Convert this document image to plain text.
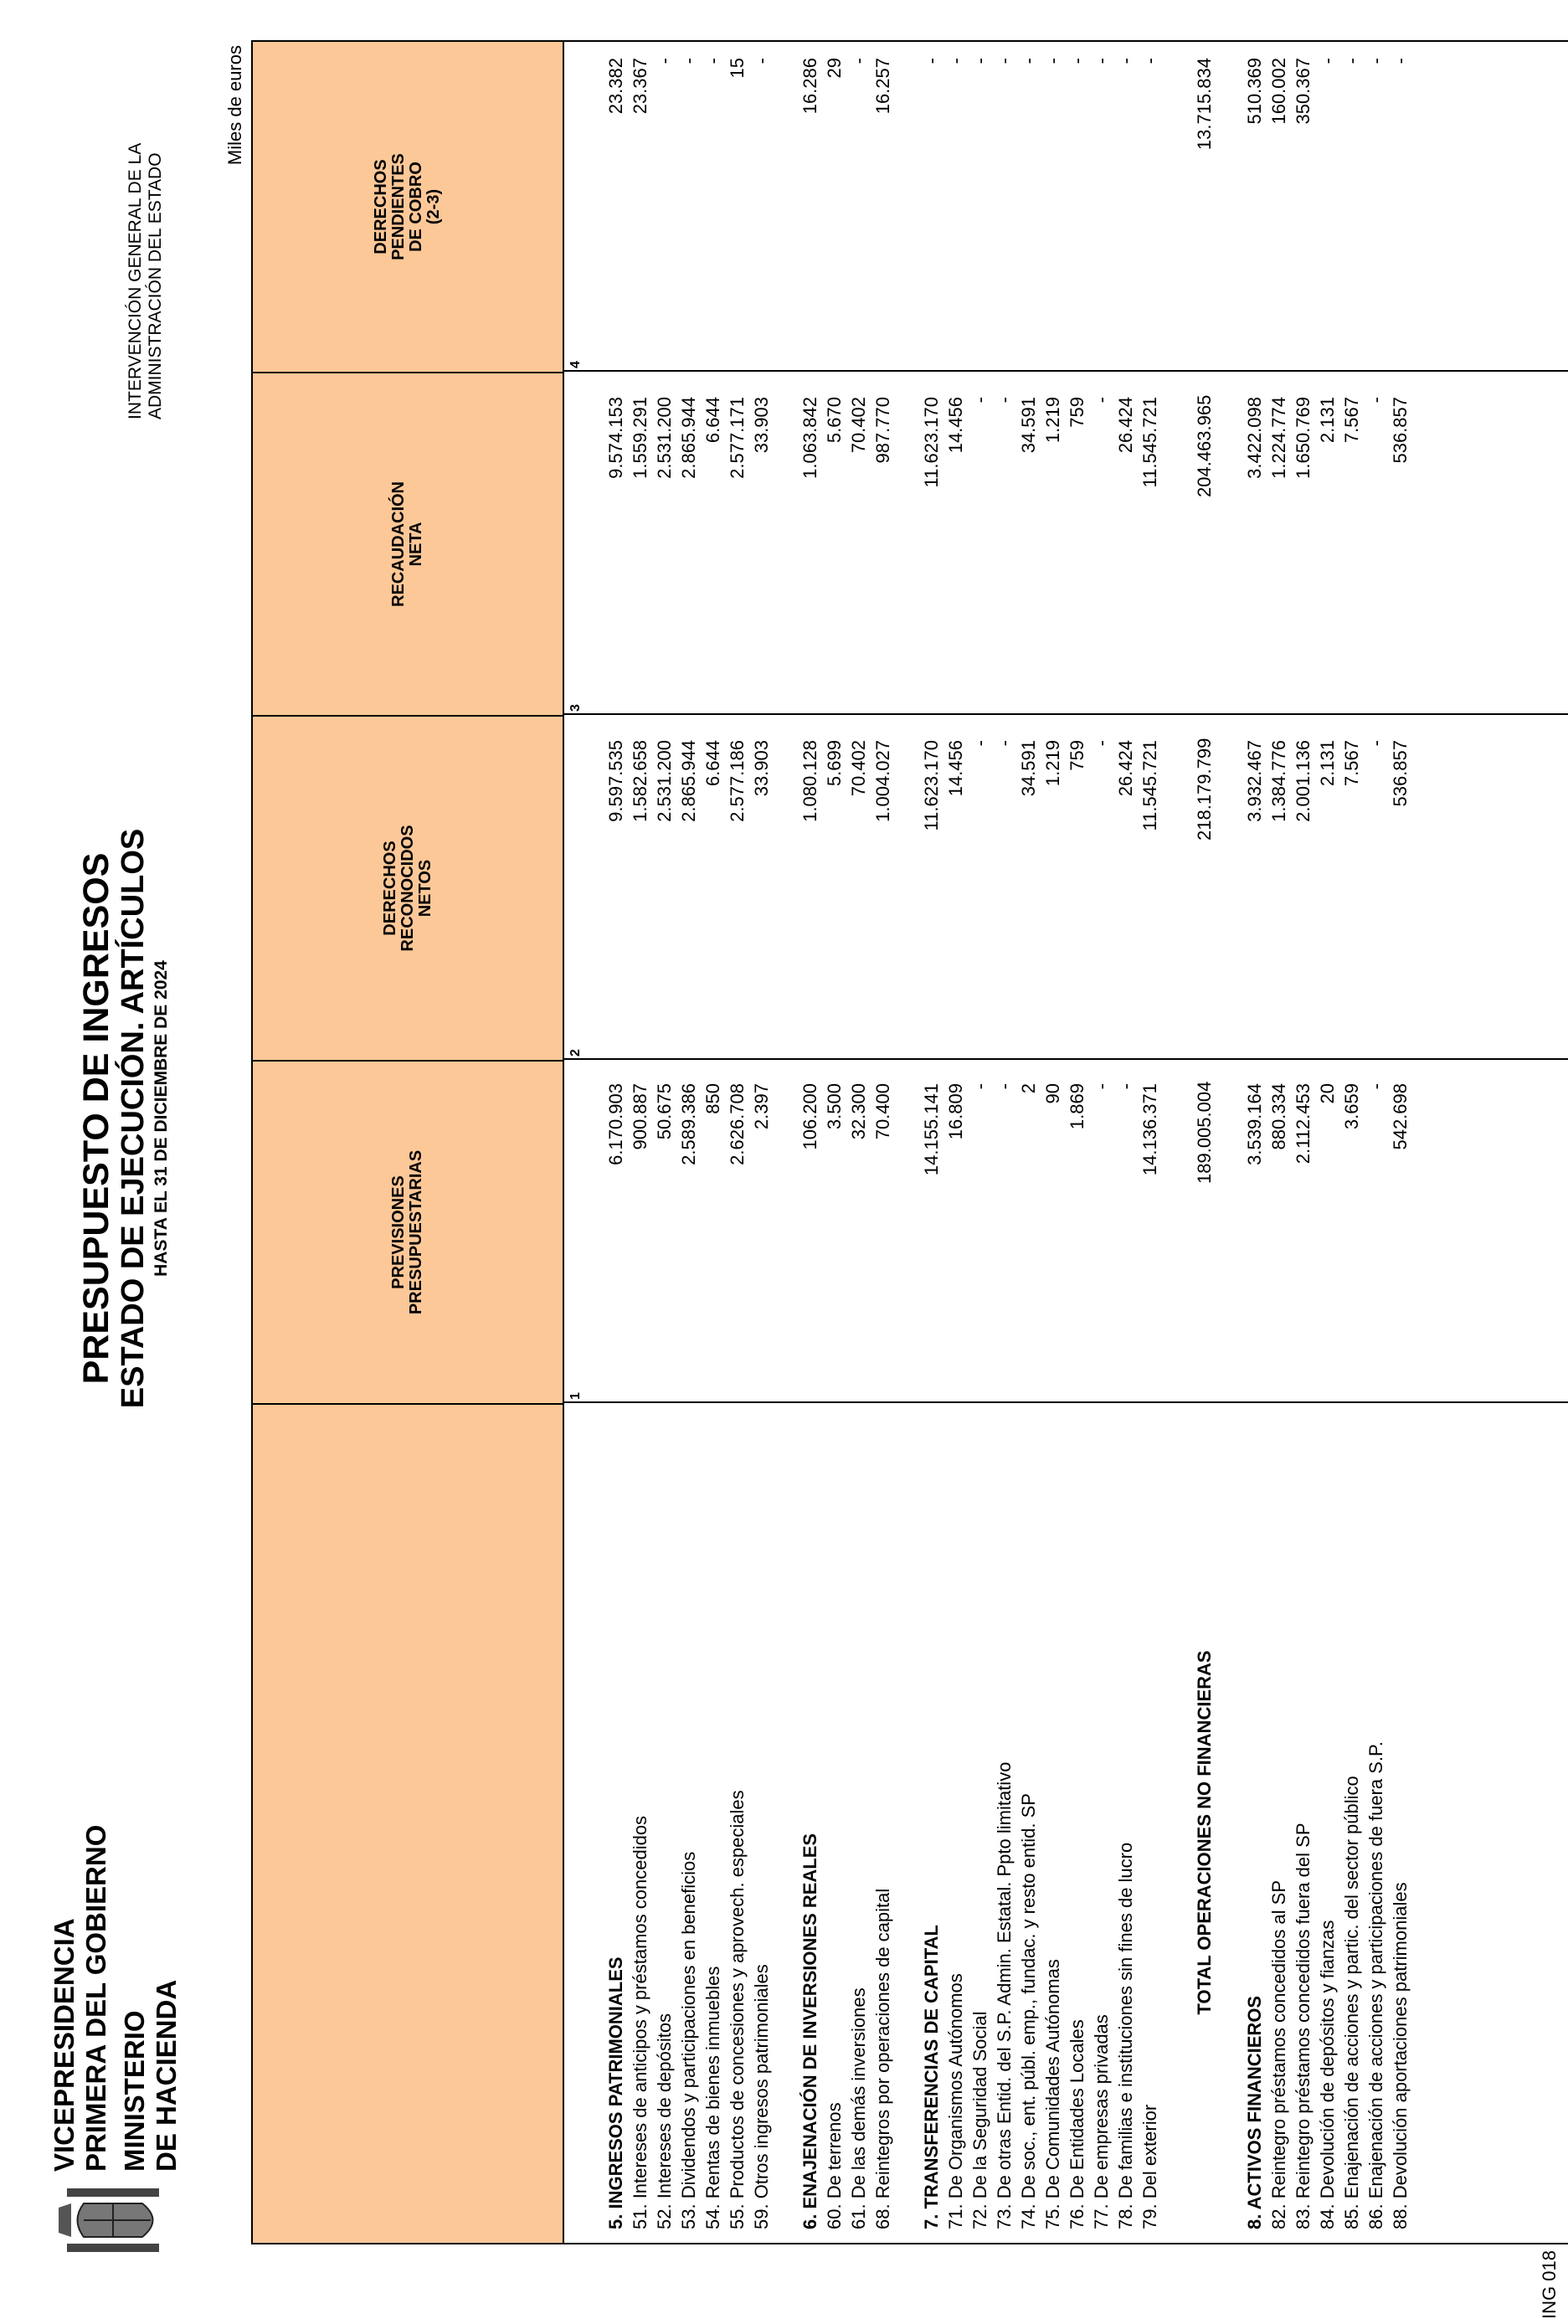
VICEPRESIDENCIA PRIMERA DEL GOBIERNO MINISTERIO DE HACIENDA
PRESUPUESTO DE INGRESOS ESTADO DE EJECUCIÓN. ARTÍCULOS HASTA EL 31 DE DICIEMBRE DE 2024
INTERVENCIÓN GENERAL DE LA ADMINISTRACIÓN DEL ESTADO
Miles de euros
ING 018
PREVISIONES PRESUPUESTARIAS
1
DERECHOS RECONOCIDOS NETOS
2
RECAUDACIÓN NETA
3
DERECHOS PENDIENTES DE COBRO (2-3)
4
5. INGRESOS PATRIMONIALES
6.170.903
9.597.535
9.574.153
23.382
51. Intereses de anticipos y préstamos concedidos
900.887
1.582.658
1.559.291
23.367
52. Intereses de depósitos
50.675
2.531.200
2.531.200
-
53. Dividendos y participaciones en beneficios
2.589.386
2.865.944
2.865.944
-
54. Rentas de bienes inmuebles
850
6.644
6.644
-
55. Productos de concesiones y aprovech. especiales
2.626.708
2.577.186
2.577.171
15
59. Otros ingresos patrimoniales
2.397
33.903
33.903
-
6. ENAJENACIÓN DE INVERSIONES REALES
106.200
1.080.128
1.063.842
16.286
60. De terrenos
3.500
5.699
5.670
29
61. De las demás inversiones
32.300
70.402
70.402
-
68. Reintegros por operaciones de capital
70.400
1.004.027
987.770
16.257
7. TRANSFERENCIAS DE CAPITAL
14.155.141
11.623.170
11.623.170
-
71. De Organismos Autónomos
16.809
14.456
14.456
-
72. De la Seguridad Social
-
-
-
-
73. De otras Entid. del S.P. Admin. Estatal. Ppto limitativo
-
-
-
-
74. De soc., ent. públ. emp., fundac. y resto entid. SP
2
34.591
34.591
-
75. De Comunidades Autónomas
90
1.219
1.219
-
76. De Entidades Locales
1.869
759
759
-
77. De empresas privadas
-
-
-
-
78. De familias e instituciones sin fines de lucro
-
26.424
26.424
-
79. Del exterior
14.136.371
11.545.721
11.545.721
-
TOTAL OPERACIONES NO FINANCIERAS
189.005.004
218.179.799
204.463.965
13.715.834
8. ACTIVOS FINANCIEROS
3.539.164
3.932.467
3.422.098
510.369
82. Reintegro préstamos concedidos al SP
880.334
1.384.776
1.224.774
160.002
83. Reintegro préstamos concedidos fuera del SP
2.112.453
2.001.136
1.650.769
350.367
84. Devolución de depósitos y fianzas
20
2.131
2.131
-
85. Enajenación de acciones y partic. del sector público
3.659
7.567
7.567
-
86. Enajenación de acciones y participaciones de fuera S.P.
-
-
-
-
88. Devolución aportaciones patrimoniales
542.698
536.857
536.857
-
